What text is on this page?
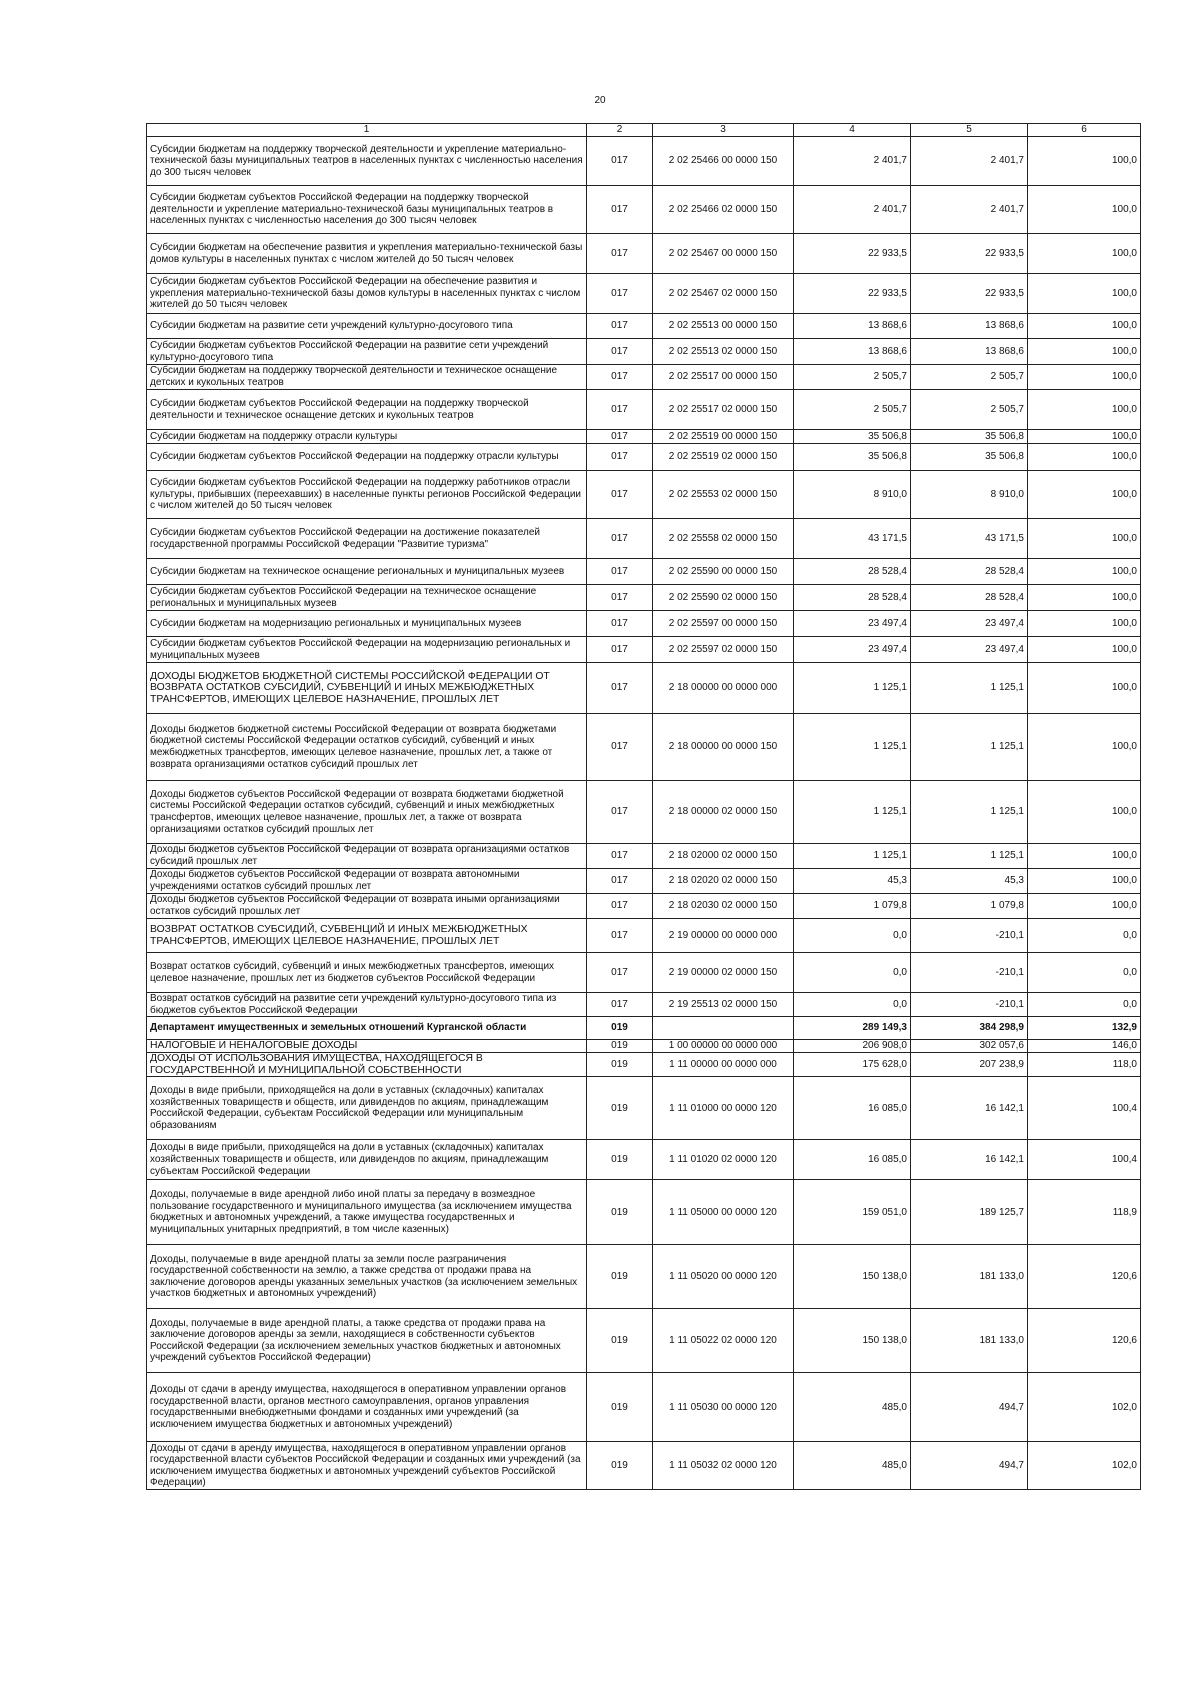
20
1	2	3	4	5	6
Субсидии бюджетам на поддержку творческой деятельности и укрепление материально-технической базы муниципальных театров в населенных пунктах с численностью населения до 300 тысяч человек	017	2 02 25466 00 0000 150	2 401,7	2 401,7	100,0
Субсидии бюджетам субъектов Российской Федерации на поддержку творческой деятельности и укрепление материально-технической базы муниципальных театров в населенных пунктах с численностью населения до 300 тысяч человек	017	2 02 25466 02 0000 150	2 401,7	2 401,7	100,0
Субсидии бюджетам на обеспечение развития и укрепления материально-технической базы домов культуры в населенных пунктах с числом жителей до 50 тысяч человек	017	2 02 25467 00 0000 150	22 933,5	22 933,5	100,0
Субсидии бюджетам субъектов Российской Федерации на обеспечение развития и укрепления материально-технической базы домов культуры в населенных пунктах с числом жителей до 50 тысяч человек	017	2 02 25467 02 0000 150	22 933,5	22 933,5	100,0
Субсидии бюджетам на развитие сети учреждений культурно-досугового типа	017	2 02 25513 00 0000 150	13 868,6	13 868,6	100,0
Субсидии бюджетам субъектов Российской Федерации на развитие сети учреждений культурно-досугового типа	017	2 02 25513 02 0000 150	13 868,6	13 868,6	100,0
Субсидии бюджетам на поддержку творческой деятельности и техническое оснащение детских и кукольных театров	017	2 02 25517 00 0000 150	2 505,7	2 505,7	100,0
Субсидии бюджетам субъектов Российской Федерации на поддержку творческой деятельности и техническое оснащение детских и кукольных театров	017	2 02 25517 02 0000 150	2 505,7	2 505,7	100,0
Субсидии бюджетам на поддержку отрасли культуры	017	2 02 25519 00 0000 150	35 506,8	35 506,8	100,0
Субсидии бюджетам субъектов Российской Федерации на поддержку отрасли культуры	017	2 02 25519 02 0000 150	35 506,8	35 506,8	100,0
Субсидии бюджетам субъектов Российской Федерации на поддержку работников отрасли культуры, прибывших (переехавших) в населенные пункты регионов Российской Федерации с числом жителей до 50 тысяч человек	017	2 02 25553 02 0000 150	8 910,0	8 910,0	100,0
Субсидии бюджетам субъектов Российской Федерации на достижение показателей государственной программы Российской Федерации "Развитие туризма"	017	2 02 25558 02 0000 150	43 171,5	43 171,5	100,0
Субсидии бюджетам на техническое оснащение региональных и муниципальных музеев	017	2 02 25590 00 0000 150	28 528,4	28 528,4	100,0
Субсидии бюджетам субъектов Российской Федерации на техническое оснащение региональных и муниципальных музеев	017	2 02 25590 02 0000 150	28 528,4	28 528,4	100,0
Субсидии бюджетам на модернизацию региональных и муниципальных музеев	017	2 02 25597 00 0000 150	23 497,4	23 497,4	100,0
Субсидии бюджетам субъектов Российской Федерации на модернизацию региональных и муниципальных музеев	017	2 02 25597 02 0000 150	23 497,4	23 497,4	100,0
ДОХОДЫ БЮДЖЕТОВ БЮДЖЕТНОЙ СИСТЕМЫ РОССИЙСКОЙ ФЕДЕРАЦИИ ОТ ВОЗВРАТА ОСТАТКОВ СУБСИДИЙ, СУБВЕНЦИЙ И ИНЫХ МЕЖБЮДЖЕТНЫХ ТРАНСФЕРТОВ, ИМЕЮЩИХ ЦЕЛЕВОЕ НАЗНАЧЕНИЕ, ПРОШЛЫХ ЛЕТ	017	2 18 00000 00 0000 000	1 125,1	1 125,1	100,0
Доходы бюджетов бюджетной системы Российской Федерации от возврата бюджетами бюджетной системы Российской Федерации остатков субсидий, субвенций и иных межбюджетных трансфертов, имеющих целевое назначение, прошлых лет, а также от возврата организациями остатков субсидий прошлых лет	017	2 18 00000 00 0000 150	1 125,1	1 125,1	100,0
Доходы бюджетов субъектов Российской Федерации от возврата бюджетами бюджетной системы Российской Федерации остатков субсидий, субвенций и иных межбюджетных трансфертов, имеющих целевое назначение, прошлых лет, а также от возврата организациями остатков субсидий прошлых лет	017	2 18 00000 02 0000 150	1 125,1	1 125,1	100,0
Доходы бюджетов субъектов Российской Федерации от возврата организациями остатков субсидий прошлых лет	017	2 18 02000 02 0000 150	1 125,1	1 125,1	100,0
Доходы бюджетов субъектов Российской Федерации от возврата автономными учреждениями остатков субсидий прошлых лет	017	2 18 02020 02 0000 150	45,3	45,3	100,0
Доходы бюджетов субъектов Российской Федерации от возврата иными организациями остатков субсидий прошлых лет	017	2 18 02030 02 0000 150	1 079,8	1 079,8	100,0
ВОЗВРАТ ОСТАТКОВ СУБСИДИЙ, СУБВЕНЦИЙ И ИНЫХ МЕЖБЮДЖЕТНЫХ ТРАНСФЕРТОВ, ИМЕЮЩИХ ЦЕЛЕВОЕ НАЗНАЧЕНИЕ, ПРОШЛЫХ ЛЕТ	017	2 19 00000 00 0000 000	0,0	-210,1	0,0
Возврат остатков субсидий, субвенций и иных межбюджетных трансфертов, имеющих целевое назначение, прошлых лет из бюджетов субъектов Российской Федерации	017	2 19 00000 02 0000 150	0,0	-210,1	0,0
Возврат остатков субсидий на развитие сети учреждений культурно-досугового типа из бюджетов субъектов Российской Федерации	017	2 19 25513 02 0000 150	0,0	-210,1	0,0
Департамент имущественных и земельных отношений Курганской области	019		289 149,3	384 298,9	132,9
НАЛОГОВЫЕ И НЕНАЛОГОВЫЕ ДОХОДЫ	019	1 00 00000 00 0000 000	206 908,0	302 057,6	146,0
ДОХОДЫ ОТ ИСПОЛЬЗОВАНИЯ ИМУЩЕСТВА, НАХОДЯЩЕГОСЯ В ГОСУДАРСТВЕННОЙ И МУНИЦИПАЛЬНОЙ СОБСТВЕННОСТИ	019	1 11 00000 00 0000 000	175 628,0	207 238,9	118,0
Доходы в виде прибыли, приходящейся на доли в уставных (складочных) капиталах хозяйственных товариществ и обществ, или дивидендов по акциям, принадлежащим Российской Федерации, субъектам Российской Федерации или муниципальным образованиям	019	1 11 01000 00 0000 120	16 085,0	16 142,1	100,4
Доходы в виде прибыли, приходящейся на доли в уставных (складочных) капиталах хозяйственных товариществ и обществ, или дивидендов по акциям, принадлежащим субъектам Российской Федерации	019	1 11 01020 02 0000 120	16 085,0	16 142,1	100,4
Доходы, получаемые в виде арендной либо иной платы за передачу в возмездное пользование государственного и муниципального имущества (за исключением имущества бюджетных и автономных учреждений, а также имущества государственных и муниципальных унитарных предприятий, в том числе казенных)	019	1 11 05000 00 0000 120	159 051,0	189 125,7	118,9
Доходы, получаемые в виде арендной платы за земли после разграничения государственной собственности на землю, а также средства от продажи права на заключение договоров аренды указанных земельных участков (за исключением земельных участков бюджетных и автономных учреждений)	019	1 11 05020 00 0000 120	150 138,0	181 133,0	120,6
Доходы, получаемые в виде арендной платы, а также средства от продажи права на заключение договоров аренды за земли, находящиеся в собственности субъектов Российской Федерации (за исключением земельных участков бюджетных и автономных учреждений субъектов Российской Федерации)	019	1 11 05022 02 0000 120	150 138,0	181 133,0	120,6
Доходы от сдачи в аренду имущества, находящегося в оперативном управлении органов государственной власти, органов местного самоуправления, органов управления государственными внебюджетными фондами и созданных ими учреждений (за исключением имущества бюджетных и автономных учреждений)	019	1 11 05030 00 0000 120	485,0	494,7	102,0
Доходы от сдачи в аренду имущества, находящегося в оперативном управлении органов государственной власти субъектов Российской Федерации и созданных ими учреждений (за исключением имущества бюджетных и автономных учреждений субъектов Российской Федерации)	019	1 11 05032 02 0000 120	485,0	494,7	102,0
